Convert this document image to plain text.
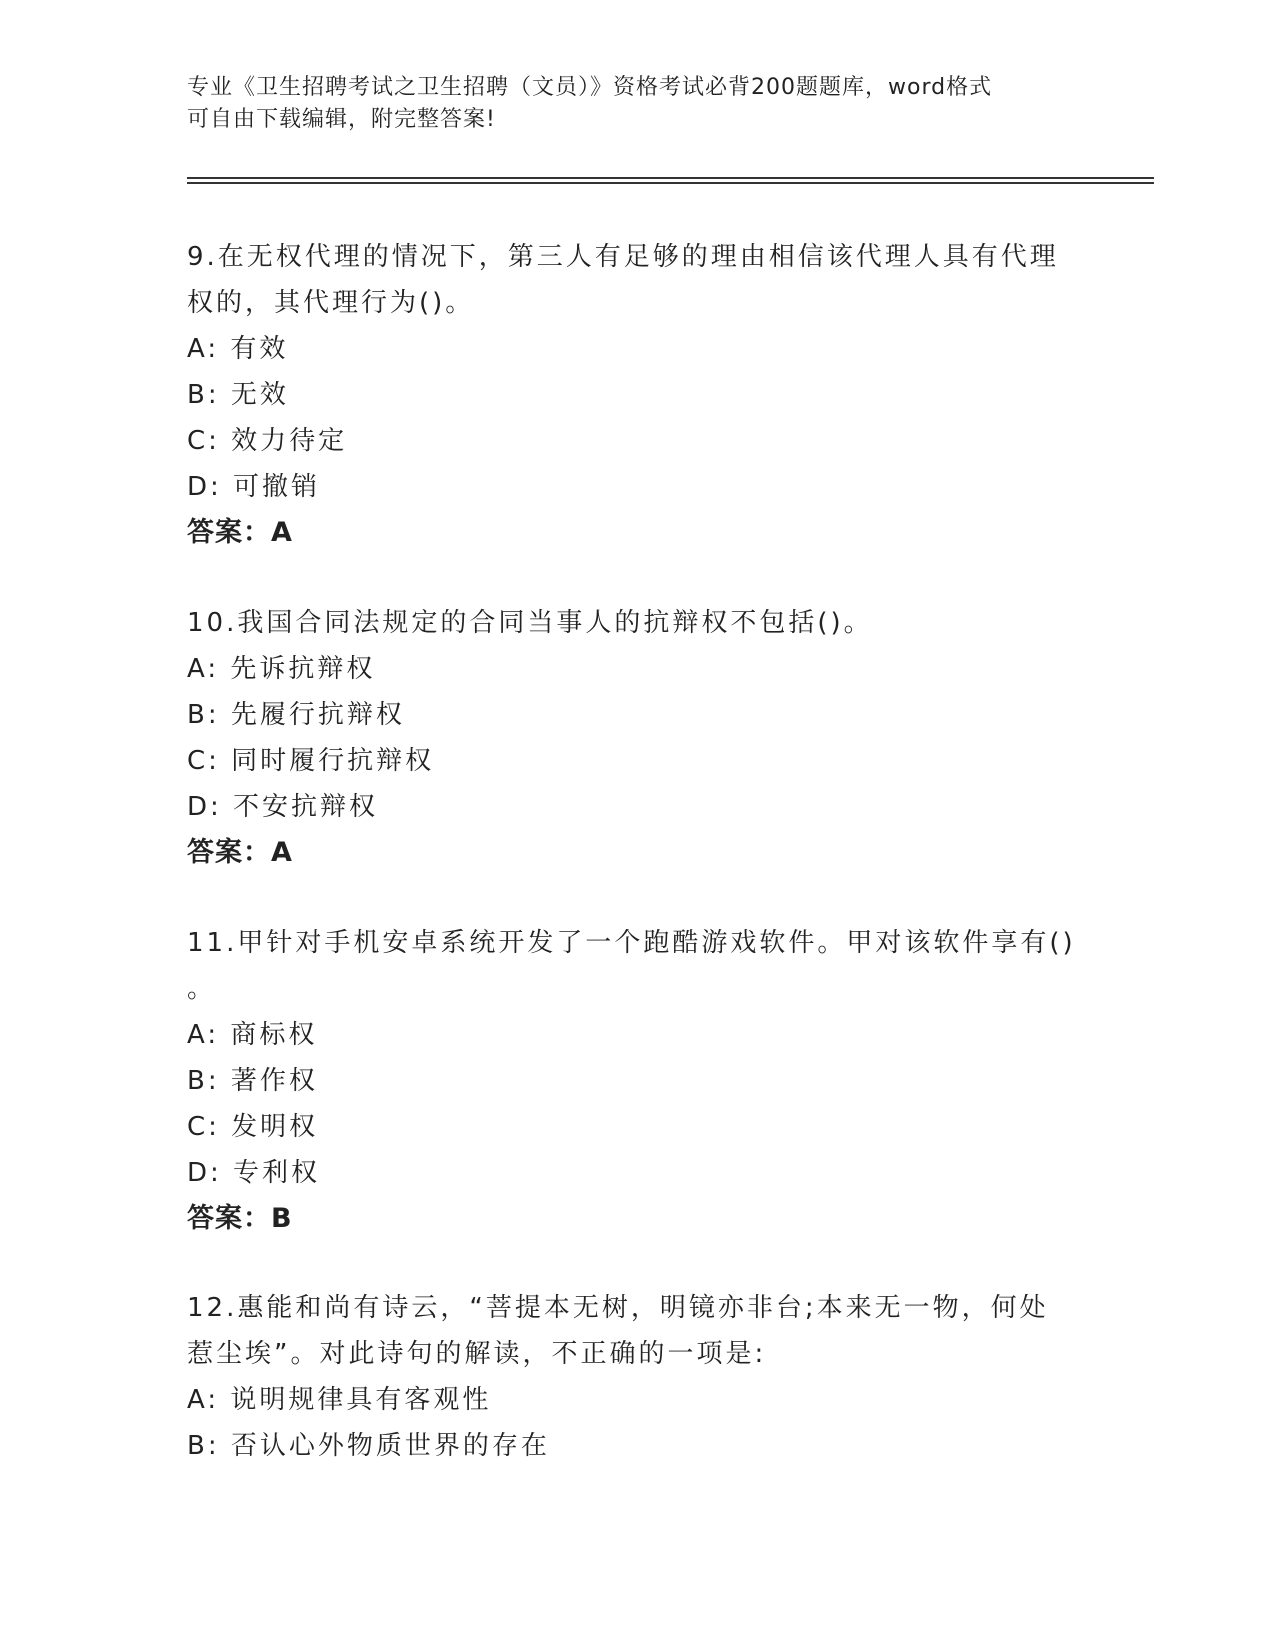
专业《卫生招聘考试之卫生招聘（文员）》资格考试必背200题题库，word格式
可自由下载编辑，附完整答案!
9.在无权代理的情况下，第三人有足够的理由相信该代理人具有代理
权的，其代理行为()。
A: 有效
B: 无效
C: 效力待定
D: 可撤销
答案：A
10.我国合同法规定的合同当事人的抗辩权不包括()。
A: 先诉抗辩权
B: 先履行抗辩权
C: 同时履行抗辩权
D: 不安抗辩权
答案：A
11.甲针对手机安卓系统开发了一个跑酷游戏软件。甲对该软件享有()
。
A: 商标权
B: 著作权
C: 发明权
D: 专利权
答案：B
12.惠能和尚有诗云，“菩提本无树，明镜亦非台;本来无一物，何处
惹尘埃”。对此诗句的解读，不正确的一项是:
A: 说明规律具有客观性
B: 否认心外物质世界的存在
